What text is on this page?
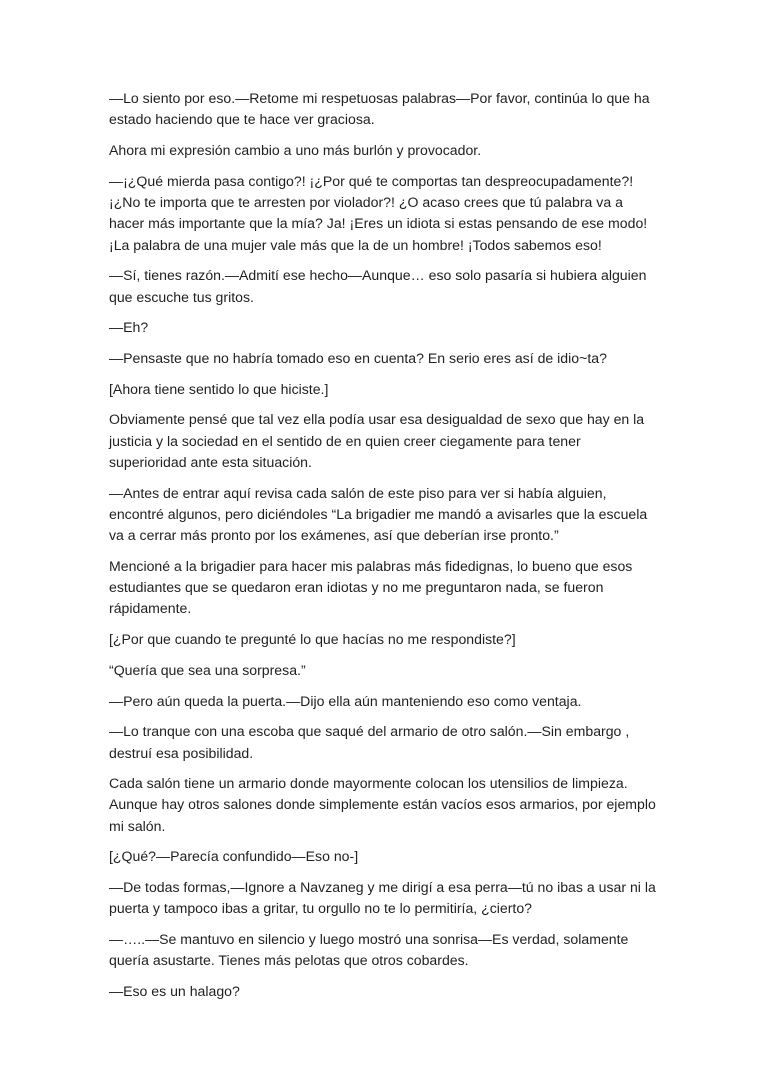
—Lo siento por eso.—Retome mi respetuosas palabras—Por favor, continúa lo que ha
estado haciendo que te hace ver graciosa.

Ahora mi expresión cambio a uno más burlón y provocador.

—¡¿Qué mierda pasa contigo?! ¡¿Por qué te comportas tan despreocupadamente?!
¡¿No te importa que te arresten por violador?! ¿O acaso crees que tú palabra va a
hacer más importante que la mía? Ja! ¡Eres un idiota si estas pensando de ese modo!
¡La palabra de una mujer vale más que la de un hombre! ¡Todos sabemos eso!

—Sí, tienes razón.—Admití ese hecho—Aunque… eso solo pasaría si hubiera alguien
que escuche tus gritos.

—Eh?

—Pensaste que no habría tomado eso en cuenta? En serio eres así de idio~ta?

[Ahora tiene sentido lo que hiciste.]

Obviamente pensé que tal vez ella podía usar esa desigualdad de sexo que hay en la
justicia y la sociedad en el sentido de en quien creer ciegamente para tener
superioridad ante esta situación.

—Antes de entrar aquí revisa cada salón de este piso para ver si había alguien,
encontré algunos, pero diciéndoles “La brigadier me mandó a avisarles que la escuela
va a cerrar más pronto por los exámenes, así que deberían irse pronto.”

Mencioné a la brigadier para hacer mis palabras más fidedignas, lo bueno que esos
estudiantes que se quedaron eran idiotas y no me preguntaron nada, se fueron
rápidamente.

[¿Por que cuando te pregunté lo que hacías no me respondiste?]

“Quería que sea una sorpresa.”

—Pero aún queda la puerta.—Dijo ella aún manteniendo eso como ventaja.

—Lo tranque con una escoba que saqué del armario de otro salón.—Sin embargo ,
destruí esa posibilidad.

Cada salón tiene un armario donde mayormente colocan los utensilios de limpieza.
Aunque hay otros salones donde simplemente están vacíos esos armarios, por ejemplo
mi salón.

[¿Qué?—Parecía confundido—Eso no-]

—De todas formas,—Ignore a Navzaneg y me dirigí a esa perra—tú no ibas a usar ni la
puerta y tampoco ibas a gritar, tu orgullo no te lo permitiría, ¿cierto?

—…..—Se mantuvo en silencio y luego mostró una sonrisa—Es verdad, solamente
quería asustarte. Tienes más pelotas que otros cobardes.

—Eso es un halago?
